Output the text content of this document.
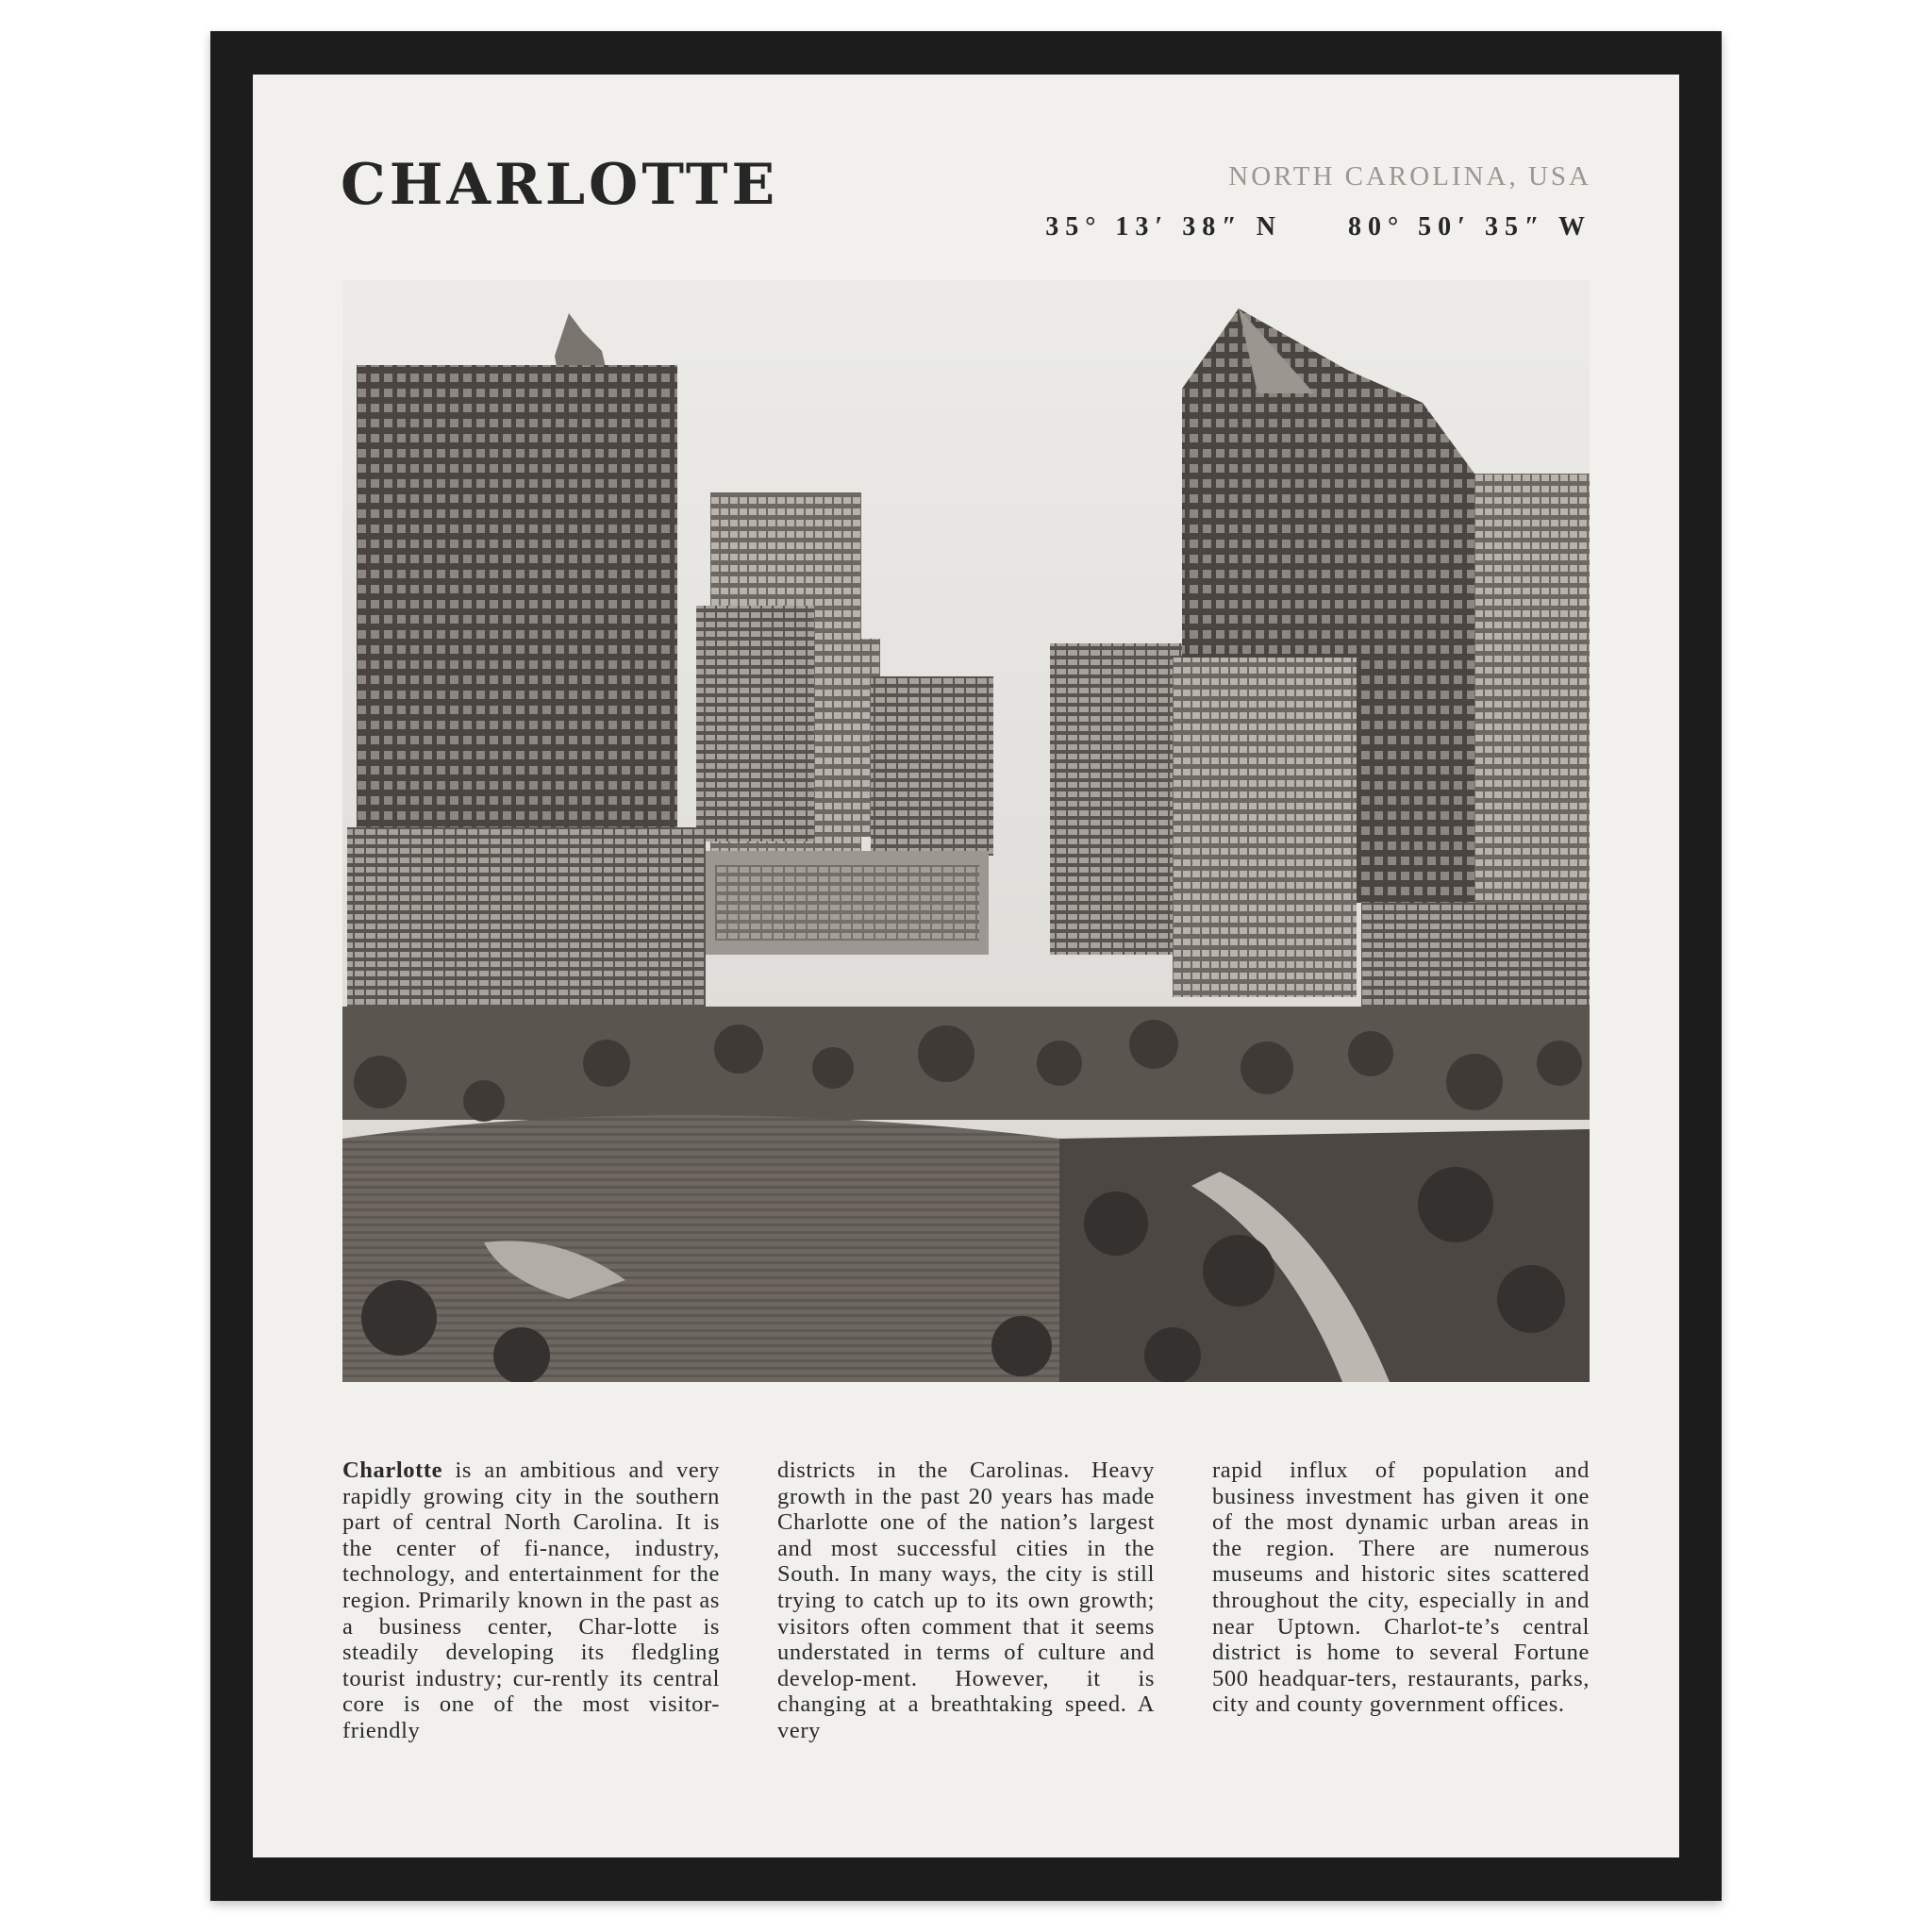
CHARLOTTE	NORTH CAROLINA, USA
35° 13′ 38″ N	80° 50′ 35″ W

Charlotte is an ambitious and very rapidly growing city in the southern part of central North Carolina. It is the center of fi-nance, industry, technology, and entertainment for the region. Primarily known in the past as a business center, Char-lotte is steadily developing its fledgling tourist industry; cur-rently its central core is one of the most visitor-friendly

districts in the Carolinas. Heavy growth in the past 20 years has made Charlotte one of the nation’s largest and most successful cities in the South. In many ways, the city is still trying to catch up to its own growth; visitors often comment that it seems understated in terms of culture and develop-ment. However, it is changing at a breathtaking speed. A very

rapid influx of population and business investment has given it one of the most dynamic urban areas in the region. There are numerous museums and historic sites scattered throughout the city, especially in and near Uptown. Charlot-te’s central district is home to several Fortune 500 headquar-ters, restaurants, parks, city and county government offices.
